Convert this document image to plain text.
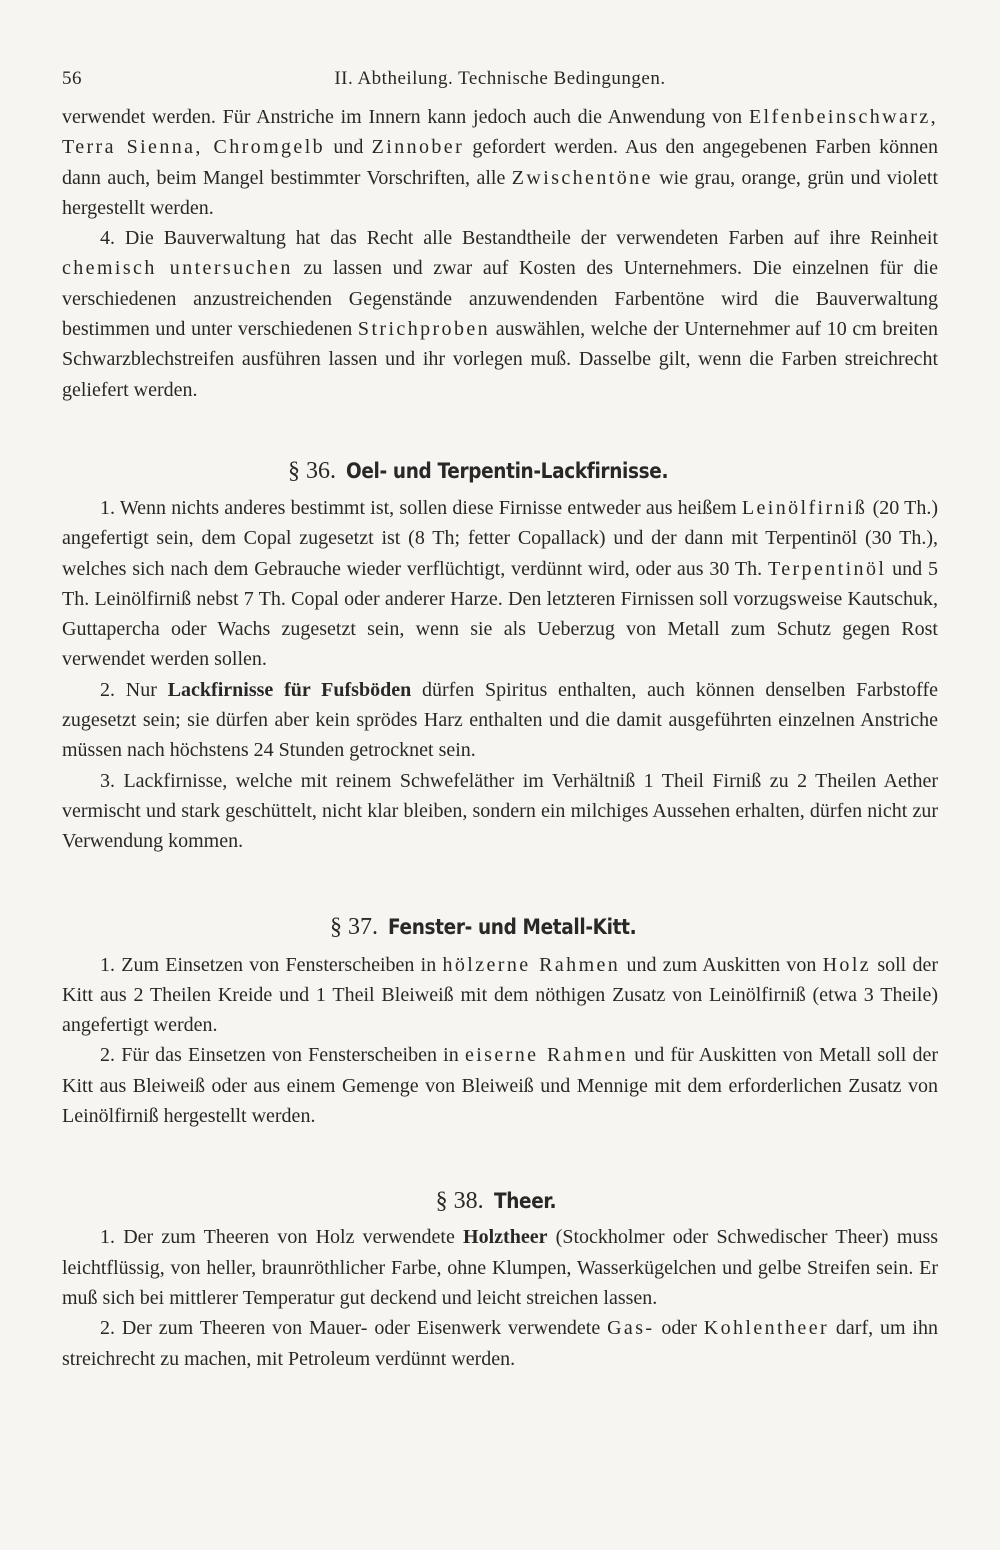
56	II. Abtheilung. Technische Bedingungen.

verwendet werden. Für Anstriche im Innern kann jedoch auch die Anwendung von Elfenbeinschwarz, Terra Sienna, Chromgelb und Zinnober gefordert werden. Aus den angegebenen Farben können dann auch, beim Mangel bestimmter Vorschriften, alle Zwischentöne wie grau, orange, grün und violett hergestellt werden.

4. Die Bauverwaltung hat das Recht alle Bestandtheile der verwendeten Farben auf ihre Reinheit chemisch untersuchen zu lassen und zwar auf Kosten des Unternehmers. Die einzelnen für die verschiedenen anzustreichenden Gegenstände anzuwendenden Farbentöne wird die Bauverwaltung bestimmen und unter verschiedenen Strichproben auswählen, welche der Unternehmer auf 10 cm breiten Schwarzblechstreifen ausführen lassen und ihr vorlegen muß. Dasselbe gilt, wenn die Farben streichrecht geliefert werden.

§ 36. Oel- und Terpentin-Lackfirnisse.

1. Wenn nichts anderes bestimmt ist, sollen diese Firnisse entweder aus heißem Leinölfirniß (20 Th.) angefertigt sein, dem Copal zugesetzt ist (8 Th; fetter Copallack) und der dann mit Terpentinöl (30 Th.), welches sich nach dem Gebrauche wieder verflüchtigt, verdünnt wird, oder aus 30 Th. Terpentinöl und 5 Th. Leinölfirniß nebst 7 Th. Copal oder anderer Harze. Den letzteren Firnissen soll vorzugsweise Kautschuk, Guttapercha oder Wachs zugesetzt sein, wenn sie als Ueberzug von Metall zum Schutz gegen Rost verwendet werden sollen.

2. Nur Lackfirnisse für Fufsböden dürfen Spiritus enthalten, auch können denselben Farbstoffe zugesetzt sein; sie dürfen aber kein sprödes Harz enthalten und die damit ausgeführten einzelnen Anstriche müssen nach höchstens 24 Stunden getrocknet sein.

3. Lackfirnisse, welche mit reinem Schwefeläther im Verhältniß 1 Theil Firniß zu 2 Theilen Aether vermischt und stark geschüttelt, nicht klar bleiben, sondern ein milchiges Aussehen erhalten, dürfen nicht zur Verwendung kommen.

§ 37. Fenster- und Metall-Kitt.

1. Zum Einsetzen von Fensterscheiben in hölzerne Rahmen und zum Auskitten von Holz soll der Kitt aus 2 Theilen Kreide und 1 Theil Bleiweiß mit dem nöthigen Zusatz von Leinölfirniß (etwa 3 Theile) angefertigt werden.

2. Für das Einsetzen von Fensterscheiben in eiserne Rahmen und für Auskitten von Metall soll der Kitt aus Bleiweiß oder aus einem Gemenge von Bleiweiß und Mennige mit dem erforderlichen Zusatz von Leinölfirniß hergestellt werden.

§ 38. Theer.

1. Der zum Theeren von Holz verwendete Holztheer (Stockholmer oder Schwedischer Theer) muss leichtflüssig, von heller, braunröthlicher Farbe, ohne Klumpen, Wasserkügelchen und gelbe Streifen sein. Er muß sich bei mittlerer Temperatur gut deckend und leicht streichen lassen.

2. Der zum Theeren von Mauer- oder Eisenwerk verwendete Gas- oder Kohlentheer darf, um ihn streichrecht zu machen, mit Petroleum verdünnt werden.
